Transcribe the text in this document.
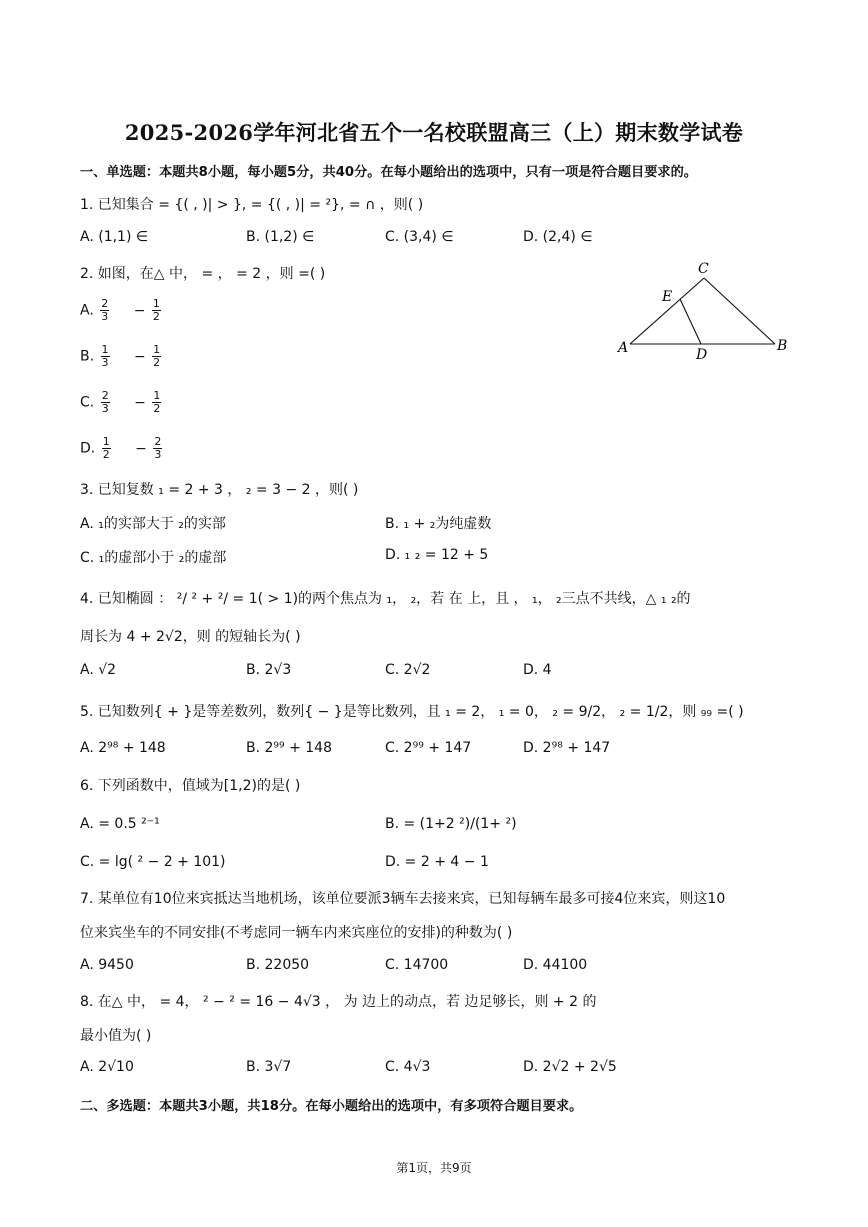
2025-2026学年河北省五个一名校联盟高三（上）期末数学试卷
一、单选题：本题共8小题，每小题5分，共40分。在每小题给出的选项中，只有一项是符合题目要求的。
1. 已知集合 = {( , )| > }, = {( , )| = ²}, = ∩ ，则( )
A. (1,1) ∈	B. (1,2) ∈	C. (3,4) ∈	D. (2,4) ∈
2. 如图，在△ 中， = ， = 2 ，则 =( )
A. $\frac{2}{3} - \frac{1}{2}$
B. $\frac{1}{3} - \frac{1}{2}$
C. $\frac{2}{3} - \frac{1}{2}$
D. $\frac{1}{2} - \frac{2}{3}$
C
E
A	D
B
3. 已知复数 ₁ = 2 + 3 ， ₂ = 3 − 2 ，则( )
A. ₁的实部大于 ₂的实部	B. ₁ + ₂为纯虚数
C. ₁的虚部小于 ₂的虚部	D. ₁ ₂ = 12 + 5
4. 已知椭圆 ： ²/ ² + ²/ = 1( > 1)的两个焦点为 ₁， ₂，若 在 上，且 ， ₁， ₂三点不共线，△ ₁ ₂的
周长为 4 + 2√2，则 的短轴长为( )
A. √2	B. 2√3	C. 2√2	D. 4
5. 已知数列{ + }是等差数列，数列{ − }是等比数列，且 ₁ = 2， ₁ = 0， ₂ = 9/2， ₂ = 1/2，则 ₉₉ =( )
A. 2⁹⁸ + 148	B. 2⁹⁹ + 148	C. 2⁹⁹ + 147	D. 2⁹⁸ + 147
6. 下列函数中，值域为[1,2)的是( )
A. = 0.5 ²⁻¹	B. = (1+2 ²)/(1+ ²)
C. = lg( ² − 2 + 101)	D. = 2 + 4 − 1
7. 某单位有10位来宾抵达当地机场，该单位要派3辆车去接来宾，已知每辆车最多可接4位来宾，则这10
位来宾坐车的不同安排(不考虑同一辆车内来宾座位的安排)的种数为( )
A. 9450	B. 22050	C. 14700	D. 44100
8. 在△ 中， = 4， ² − ² = 16 − 4√3 ， 为 边上的动点，若 边足够长，则 + 2 的
最小值为( )
A. 2√10	B. 3√7	C. 4√3	D. 2√2 + 2√5
二、多选题：本题共3小题，共18分。在每小题给出的选项中，有多项符合题目要求。
第1页，共9页
